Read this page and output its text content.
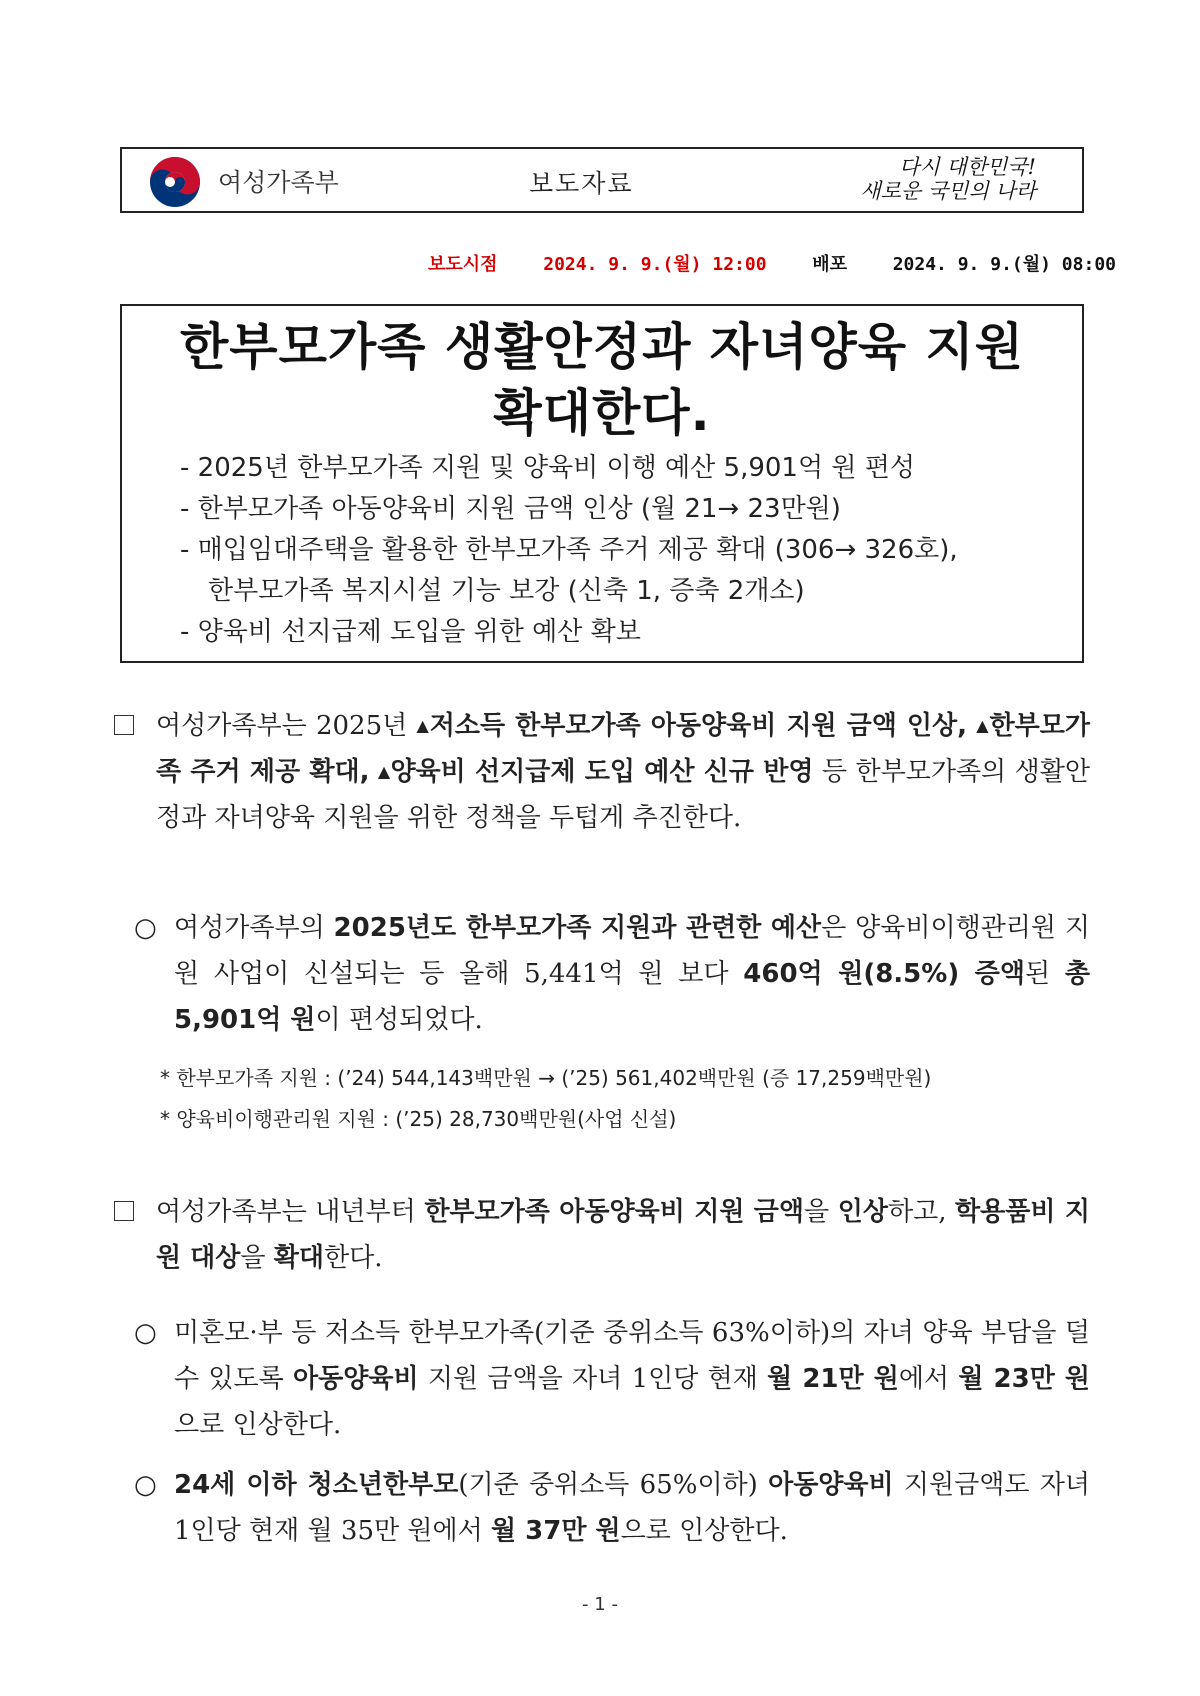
여성가족부	보도자료
다시 대한민국!
새로운 국민의 나라
보도시점	2024. 9. 9.(월) 12:00	배포	2024. 9. 9.(월) 08:00
한부모가족 생활안정과 자녀양육 지원
확대한다.
- 2025년 한부모가족 지원 및 양육비 이행 예산 5,901억 원 편성
- 한부모가족 아동양육비 지원 금액 인상 (월 21→ 23만원)
- 매입임대주택을 활용한 한부모가족 주거 제공 확대 (306→ 326호),
한부모가족 복지시설 기능 보강 (신축 1, 증축 2개소)
- 양육비 선지급제 도입을 위한 예산 확보
여성가족부는 2025년 ▲저소득 한부모가족 아동양육비 지원 금액 인상, ▲한부모가족 주거 제공 확대, ▲양육비 선지급제 도입 예산 신규 반영 등 한부모가족의 생활안정과 자녀양육 지원을 위한 정책을 두텁게 추진한다.
○ 여성가족부의 2025년도 한부모가족 지원과 관련한 예산은 양육비이행관리원 지원 사업이 신설되는 등 올해 5,441억 원 보다 460억 원(8.5%) 증액된 총 5,901억 원이 편성되었다.
* 한부모가족 지원 : (’24) 544,143백만원 → (’25) 561,402백만원 (증 17,259백만원)
* 양육비이행관리원 지원 : (’25) 28,730백만원(사업 신설)
여성가족부는 내년부터 한부모가족 아동양육비 지원 금액을 인상하고, 학용품비 지원 대상을 확대한다.
○ 미혼모·부 등 저소득 한부모가족(기준 중위소득 63%이하)의 자녀 양육 부담을 덜 수 있도록 아동양육비 지원 금액을 자녀 1인당 현재 월 21만 원에서 월 23만 원으로 인상한다.
○ 24세 이하 청소년한부모(기준 중위소득 65%이하) 아동양육비 지원금액도 자녀 1인당 현재 월 35만 원에서 월 37만 원으로 인상한다.
- 1 -
